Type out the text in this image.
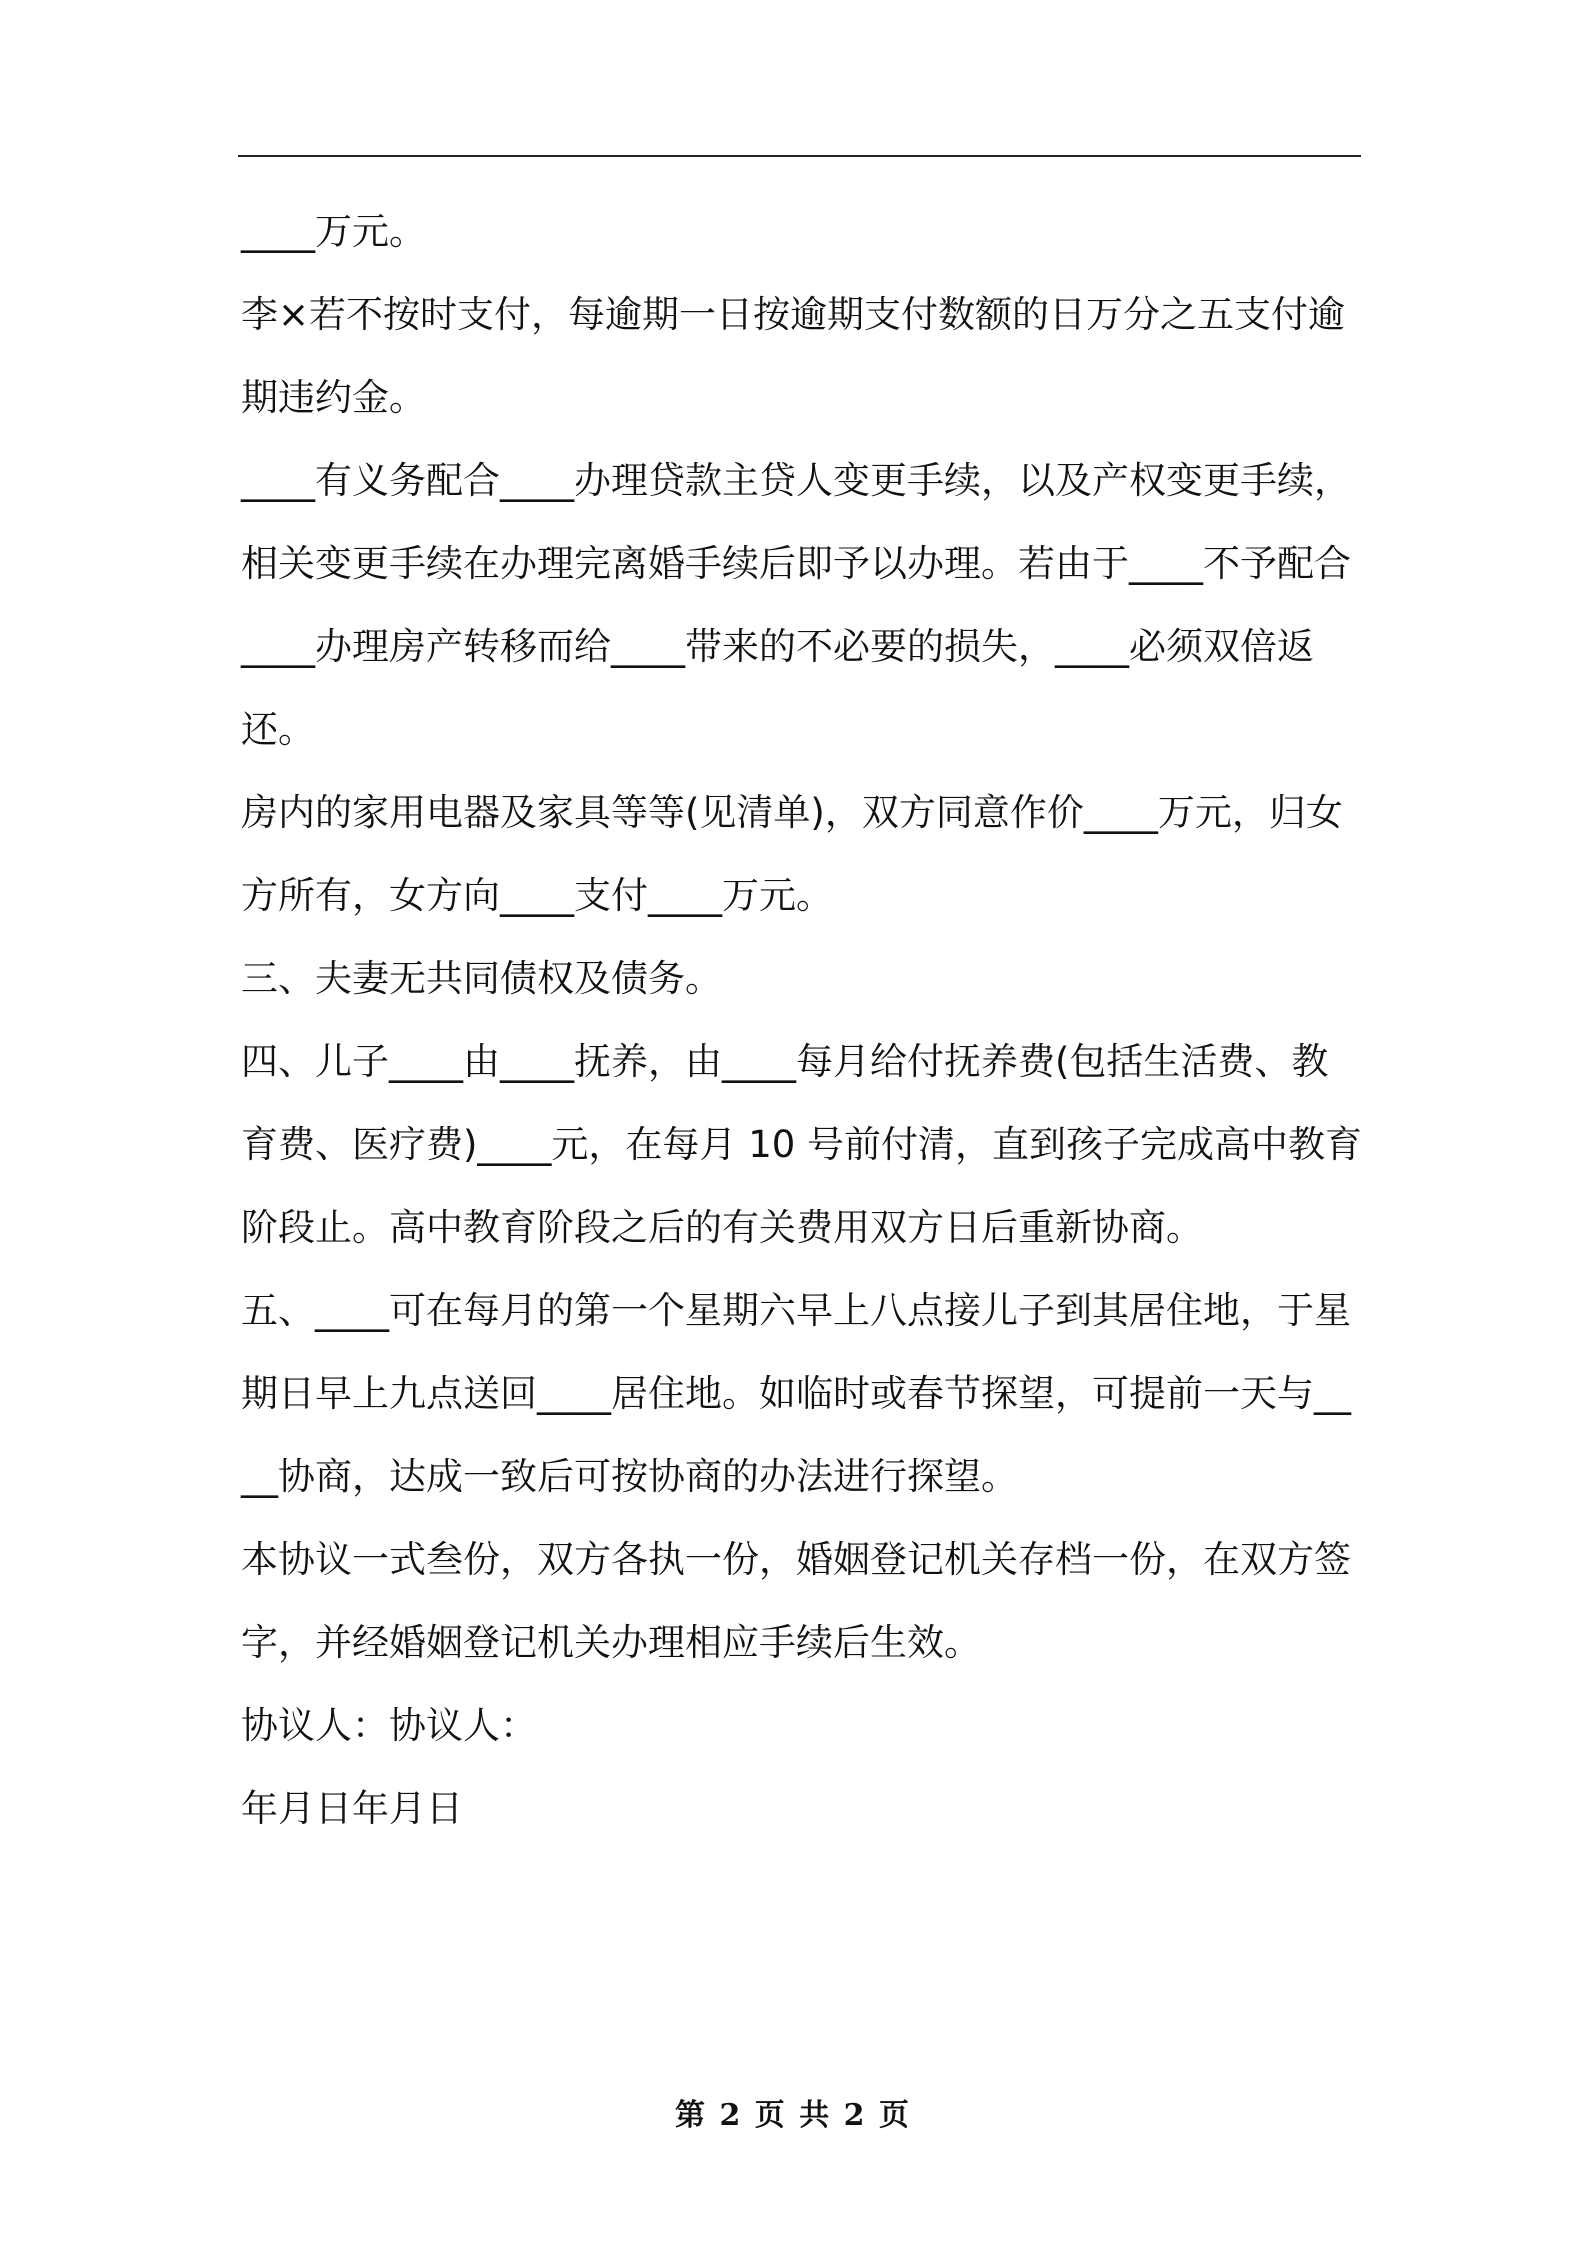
____万元。

李×若不按时支付，每逾期一日按逾期支付数额的日万分之五支付逾期违约金。

____有义务配合____办理贷款主贷人变更手续，以及产权变更手续，相关变更手续在办理完离婚手续后即予以办理。若由于____不予配合____办理房产转移而给____带来的不必要的损失，____必须双倍返还。

房内的家用电器及家具等等(见清单)，双方同意作价____万元，归女方所有，女方向____支付____万元。

三、夫妻无共同债权及债务。

四、儿子____由____抚养，由____每月给付抚养费(包括生活费、教育费、医疗费)____元，在每月 10 号前付清，直到孩子完成高中教育阶段止。高中教育阶段之后的有关费用双方日后重新协商。

五、____可在每月的第一个星期六早上八点接儿子到其居住地，于星期日早上九点送回____居住地。如临时或春节探望，可提前一天与____协商，达成一致后可按协商的办法进行探望。

本协议一式叁份，双方各执一份，婚姻登记机关存档一份，在双方签字，并经婚姻登记机关办理相应手续后生效。

协议人：协议人：

年月日年月日

第 2 页 共 2 页
